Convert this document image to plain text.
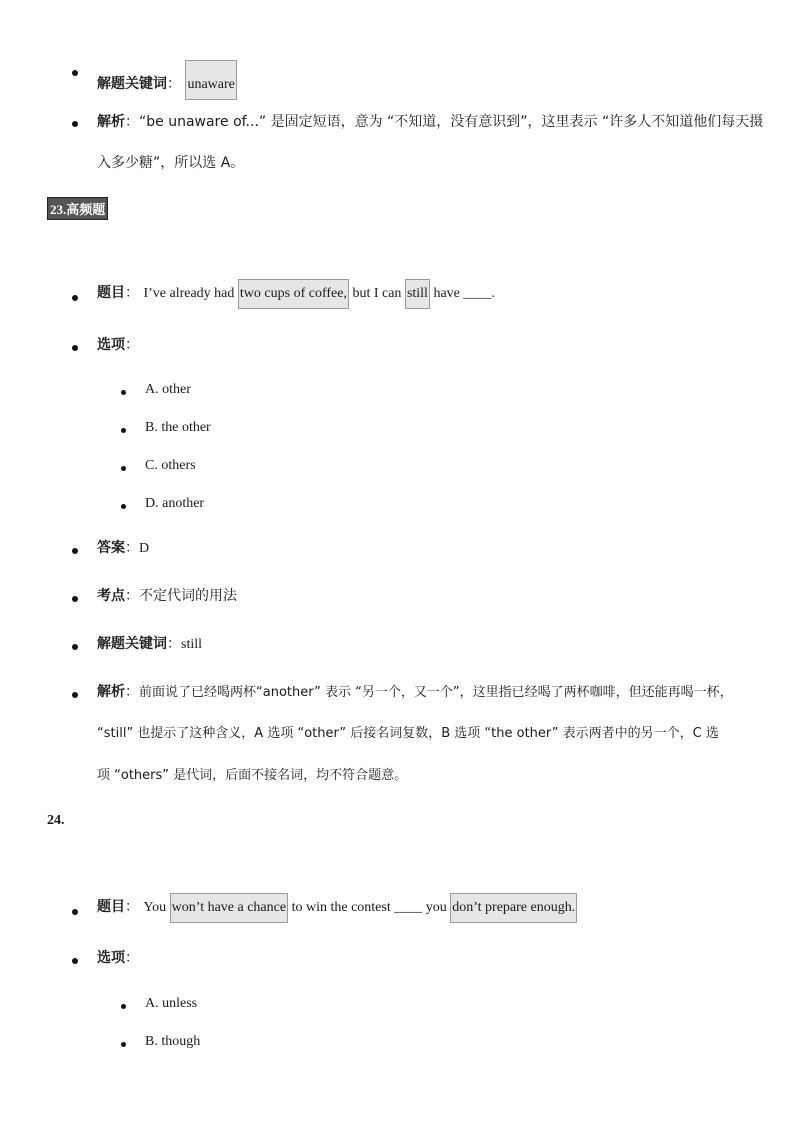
解题关键词： unaware
解析：“be unaware of...” 是固定短语，意为 “不知道，没有意识到”，这里表示 “许多人不知道他们每天摄
入多少糖”，所以选 A。
23.高频题
题目： I’ve already had two cups of coffee, but I can still have ____.
选项：
A. other
B. the other
C. others
D. another
答案：D
考点：不定代词的用法
解题关键词：still
解析：前面说了已经喝两杯“another” 表示 “另一个，又一个”，这里指已经喝了两杯咖啡，但还能再喝一杯，
“still” 也提示了这种含义，A 选项 “other” 后接名词复数，B 选项 “the other” 表示两者中的另一个，C 选
项 “others” 是代词，后面不接名词，均不符合题意。
24.
题目： You won’t have a chance to win the contest ____ you don’t prepare enough.
选项：
A. unless
B. though
